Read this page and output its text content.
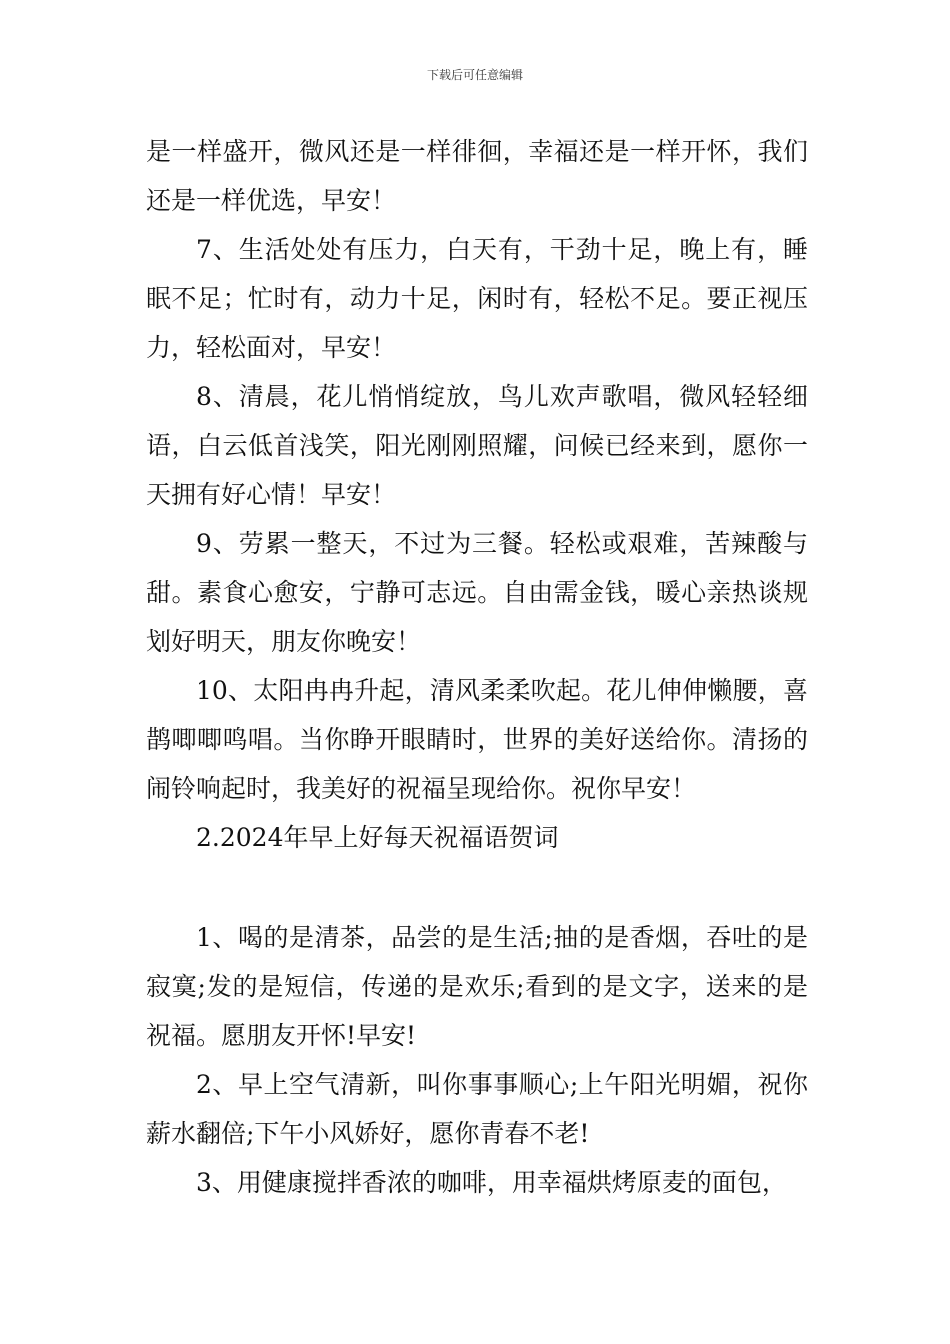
下载后可任意编辑

是一样盛开，微风还是一样徘徊，幸福还是一样开怀，我们还是一样优选，早安！

7、生活处处有压力，白天有，干劲十足，晚上有，睡眠不足；忙时有，动力十足，闲时有，轻松不足。要正视压力，轻松面对，早安！

8、清晨，花儿悄悄绽放，鸟儿欢声歌唱，微风轻轻细语，白云低首浅笑，阳光刚刚照耀，问候已经来到，愿你一天拥有好心情！早安！

9、劳累一整天，不过为三餐。轻松或艰难，苦辣酸与甜。素食心愈安，宁静可志远。自由需金钱，暖心亲热谈规划好明天，朋友你晚安！

10、太阳冉冉升起，清风柔柔吹起。花儿伸伸懒腰，喜鹊唧唧鸣唱。当你睁开眼睛时，世界的美好送给你。清扬的闹铃响起时，我美好的祝福呈现给你。祝你早安！

2.2024年早上好每天祝福语贺词

1、喝的是清茶，品尝的是生活;抽的是香烟，吞吐的是寂寞;发的是短信，传递的是欢乐;看到的是文字，送来的是祝福。愿朋友开怀!早安!

2、早上空气清新，叫你事事顺心;上午阳光明媚，祝你薪水翻倍;下午小风娇好，愿你青春不老!

3、用健康搅拌香浓的咖啡，用幸福烘烤原麦的面包，
